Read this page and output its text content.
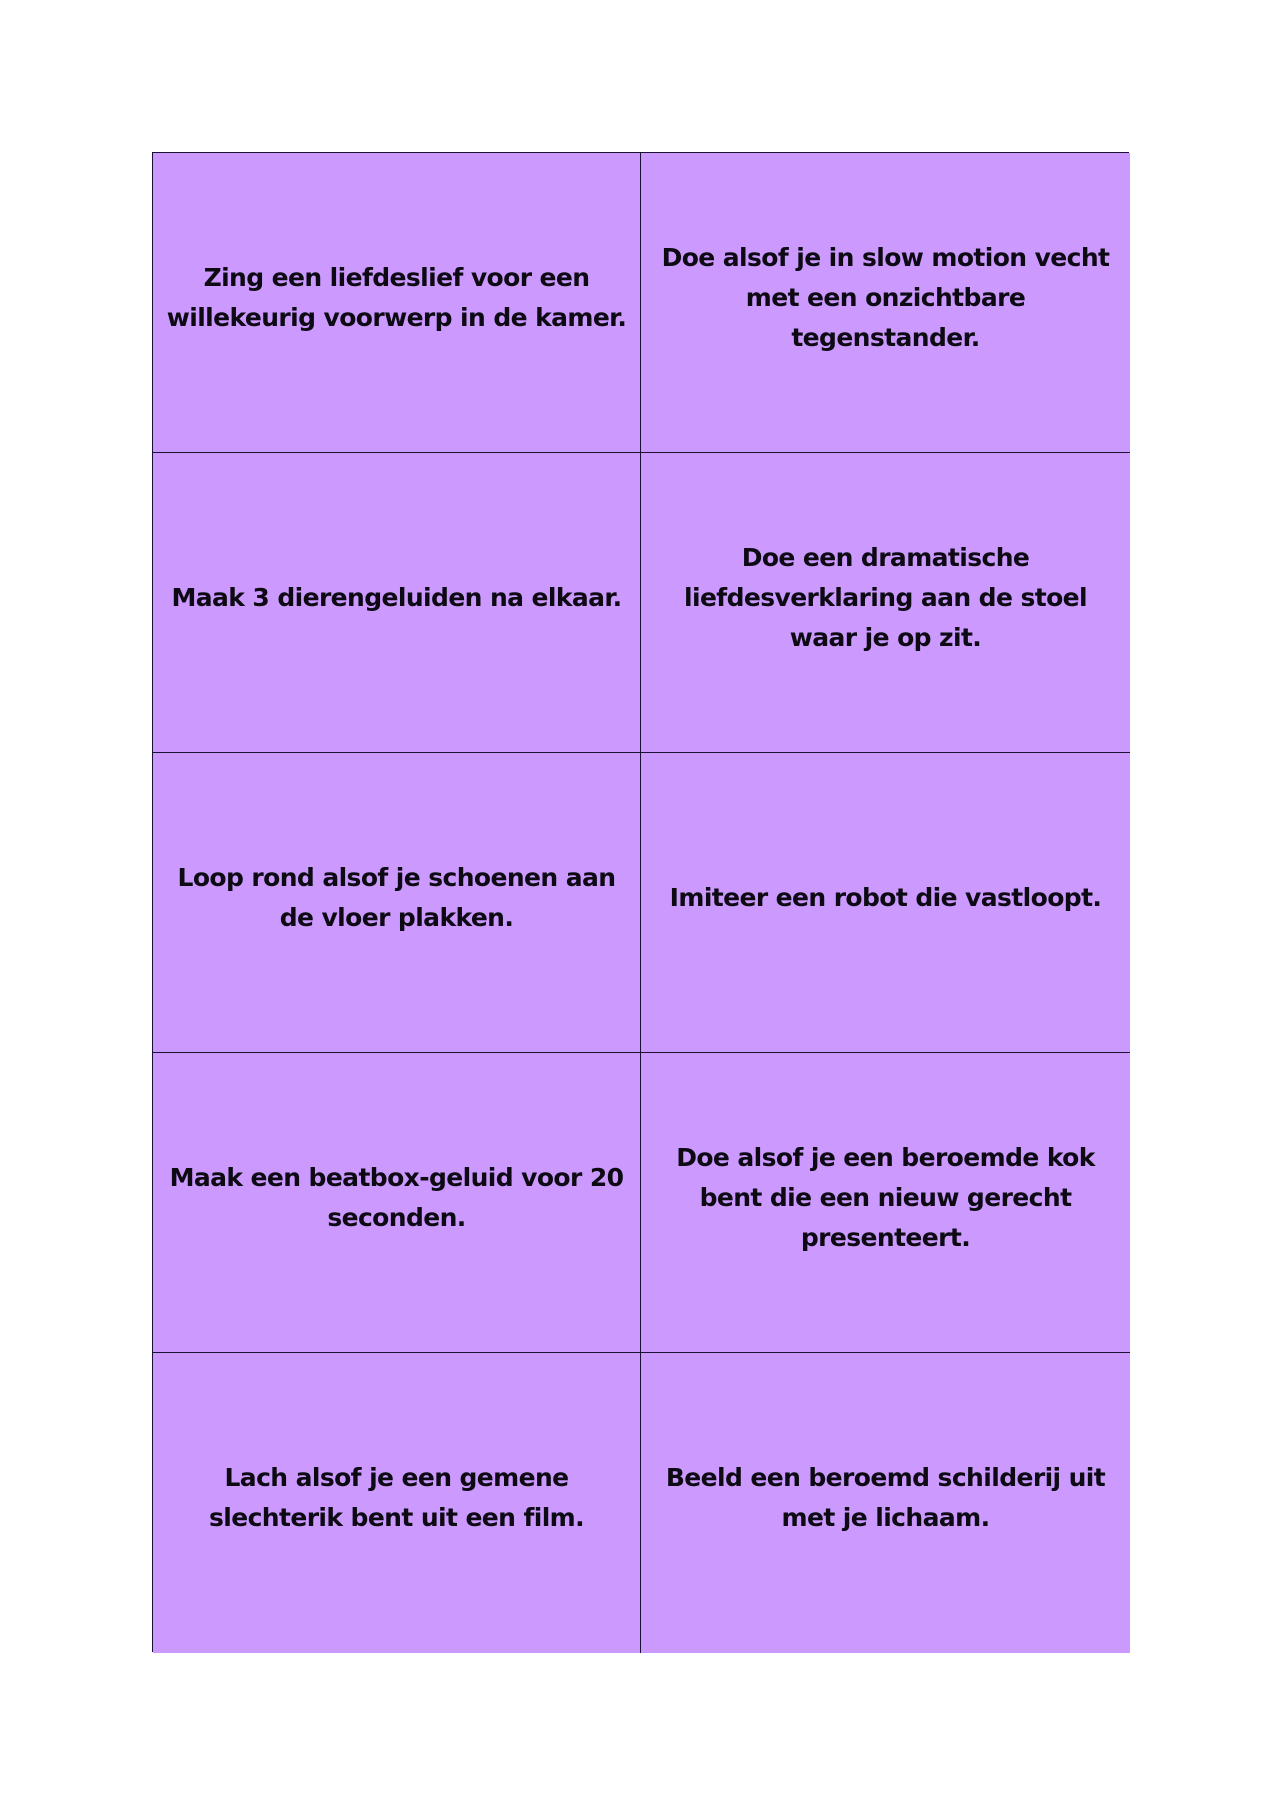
Zing een liefdeslief voor een willekeurig voorwerp in de kamer.
Doe alsof je in slow motion vecht met een onzichtbare tegenstander.
Maak 3 dierengeluiden na elkaar.
Doe een dramatische liefdesverklaring aan de stoel waar je op zit.
Loop rond alsof je schoenen aan de vloer plakken.
Imiteer een robot die vastloopt.
Maak een beatbox-geluid voor 20 seconden.
Doe alsof je een beroemde kok bent die een nieuw gerecht presenteert.
Lach alsof je een gemene slechterik bent uit een film.
Beeld een beroemd schilderij uit met je lichaam.
